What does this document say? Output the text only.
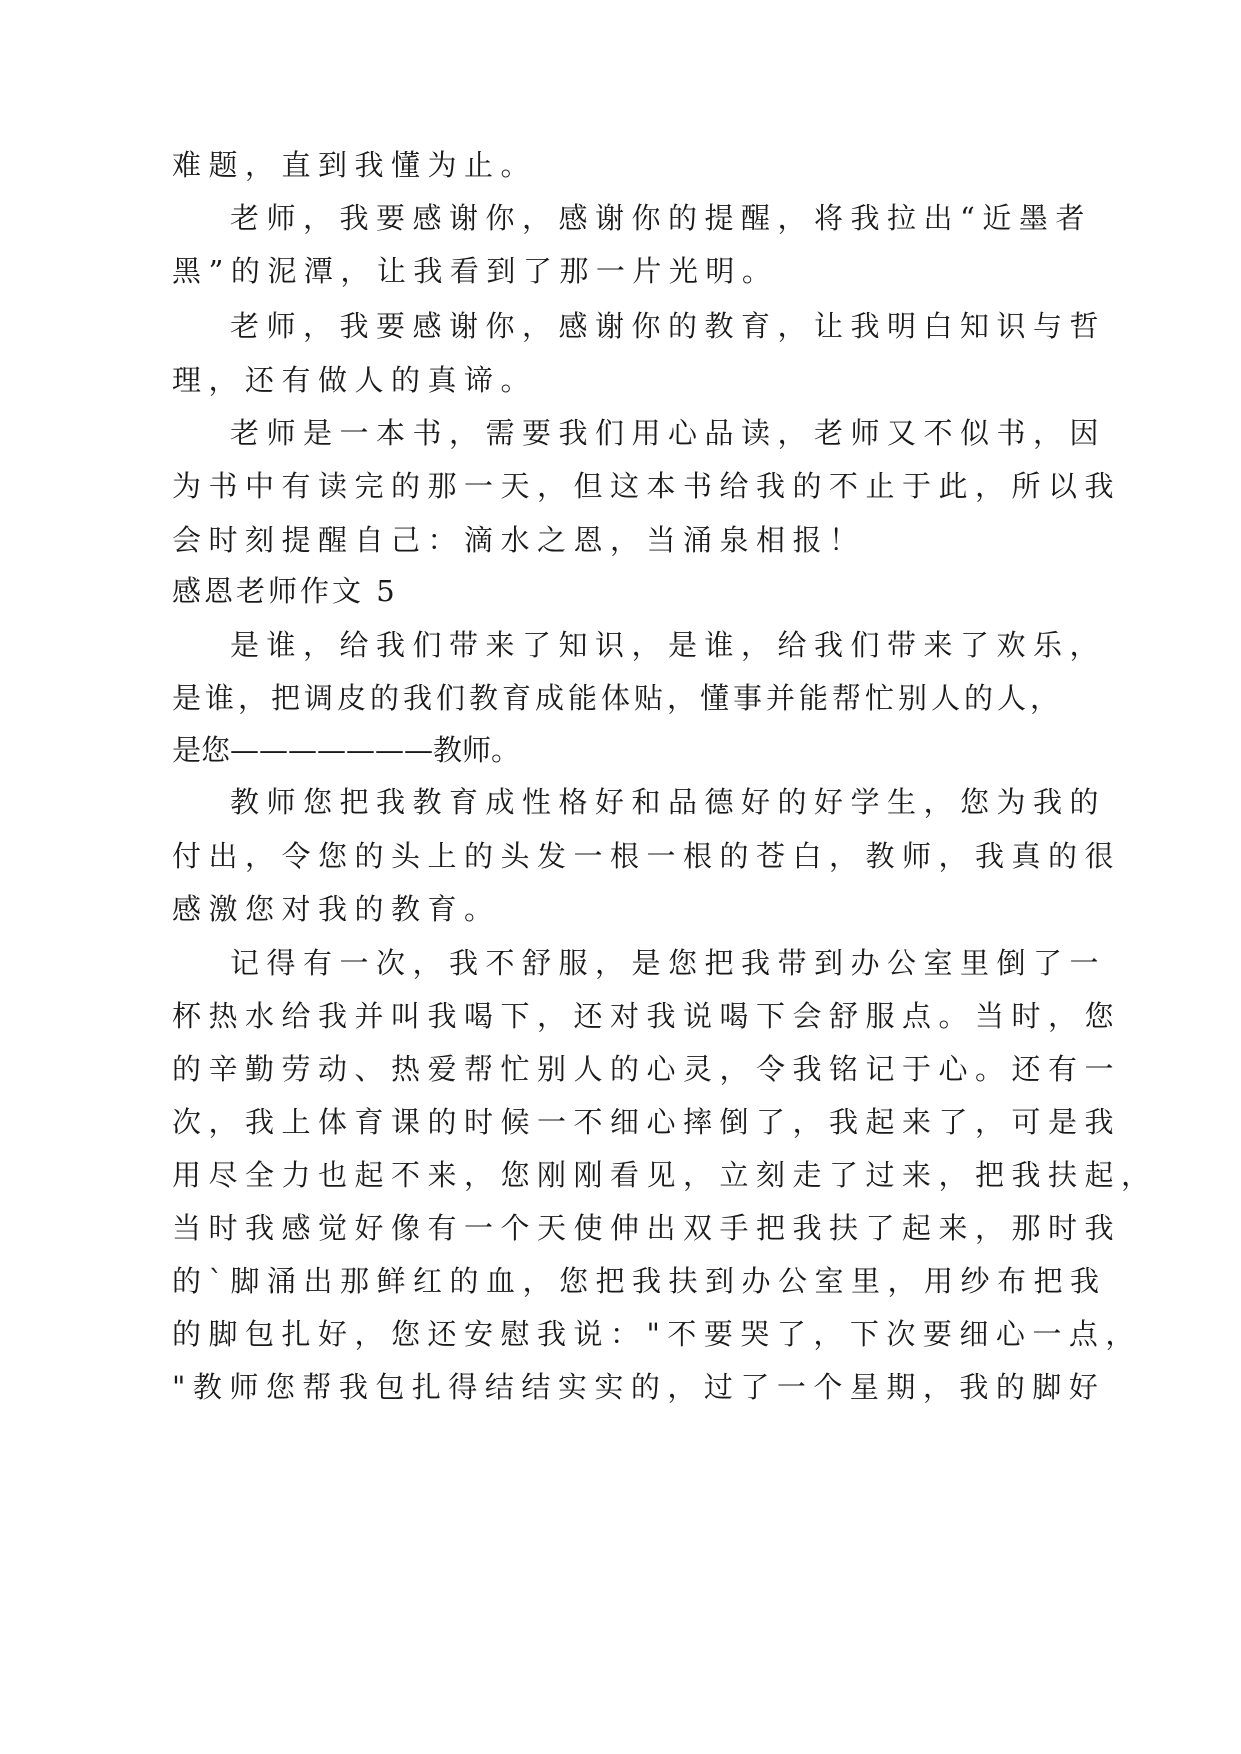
难题，直到我懂为止。
老师，我要感谢你，感谢你的提醒，将我拉出“近墨者
黑”的泥潭，让我看到了那一片光明。
老师，我要感谢你，感谢你的教育，让我明白知识与哲
理，还有做人的真谛。
老师是一本书，需要我们用心品读，老师又不似书，因
为书中有读完的那一天，但这本书给我的不止于此，所以我
会时刻提醒自己：滴水之恩，当涌泉相报！
感恩老师作文 5
是谁，给我们带来了知识，是谁，给我们带来了欢乐，
是谁，把调皮的我们教育成能体贴，懂事并能帮忙别人的人，
是您———————教师。
教师您把我教育成性格好和品德好的好学生，您为我的
付出，令您的头上的头发一根一根的苍白，教师，我真的很
感激您对我的教育。
记得有一次，我不舒服，是您把我带到办公室里倒了一
杯热水给我并叫我喝下，还对我说喝下会舒服点。当时，您
的辛勤劳动、热爱帮忙别人的心灵，令我铭记于心。还有一
次，我上体育课的时候一不细心摔倒了，我起来了，可是我
用尽全力也起不来，您刚刚看见，立刻走了过来，把我扶起，
当时我感觉好像有一个天使伸出双手把我扶了起来，那时我
的`脚涌出那鲜红的血，您把我扶到办公室里，用纱布把我
的脚包扎好，您还安慰我说："不要哭了，下次要细心一点，
"教师您帮我包扎得结结实实的，过了一个星期，我的脚好
